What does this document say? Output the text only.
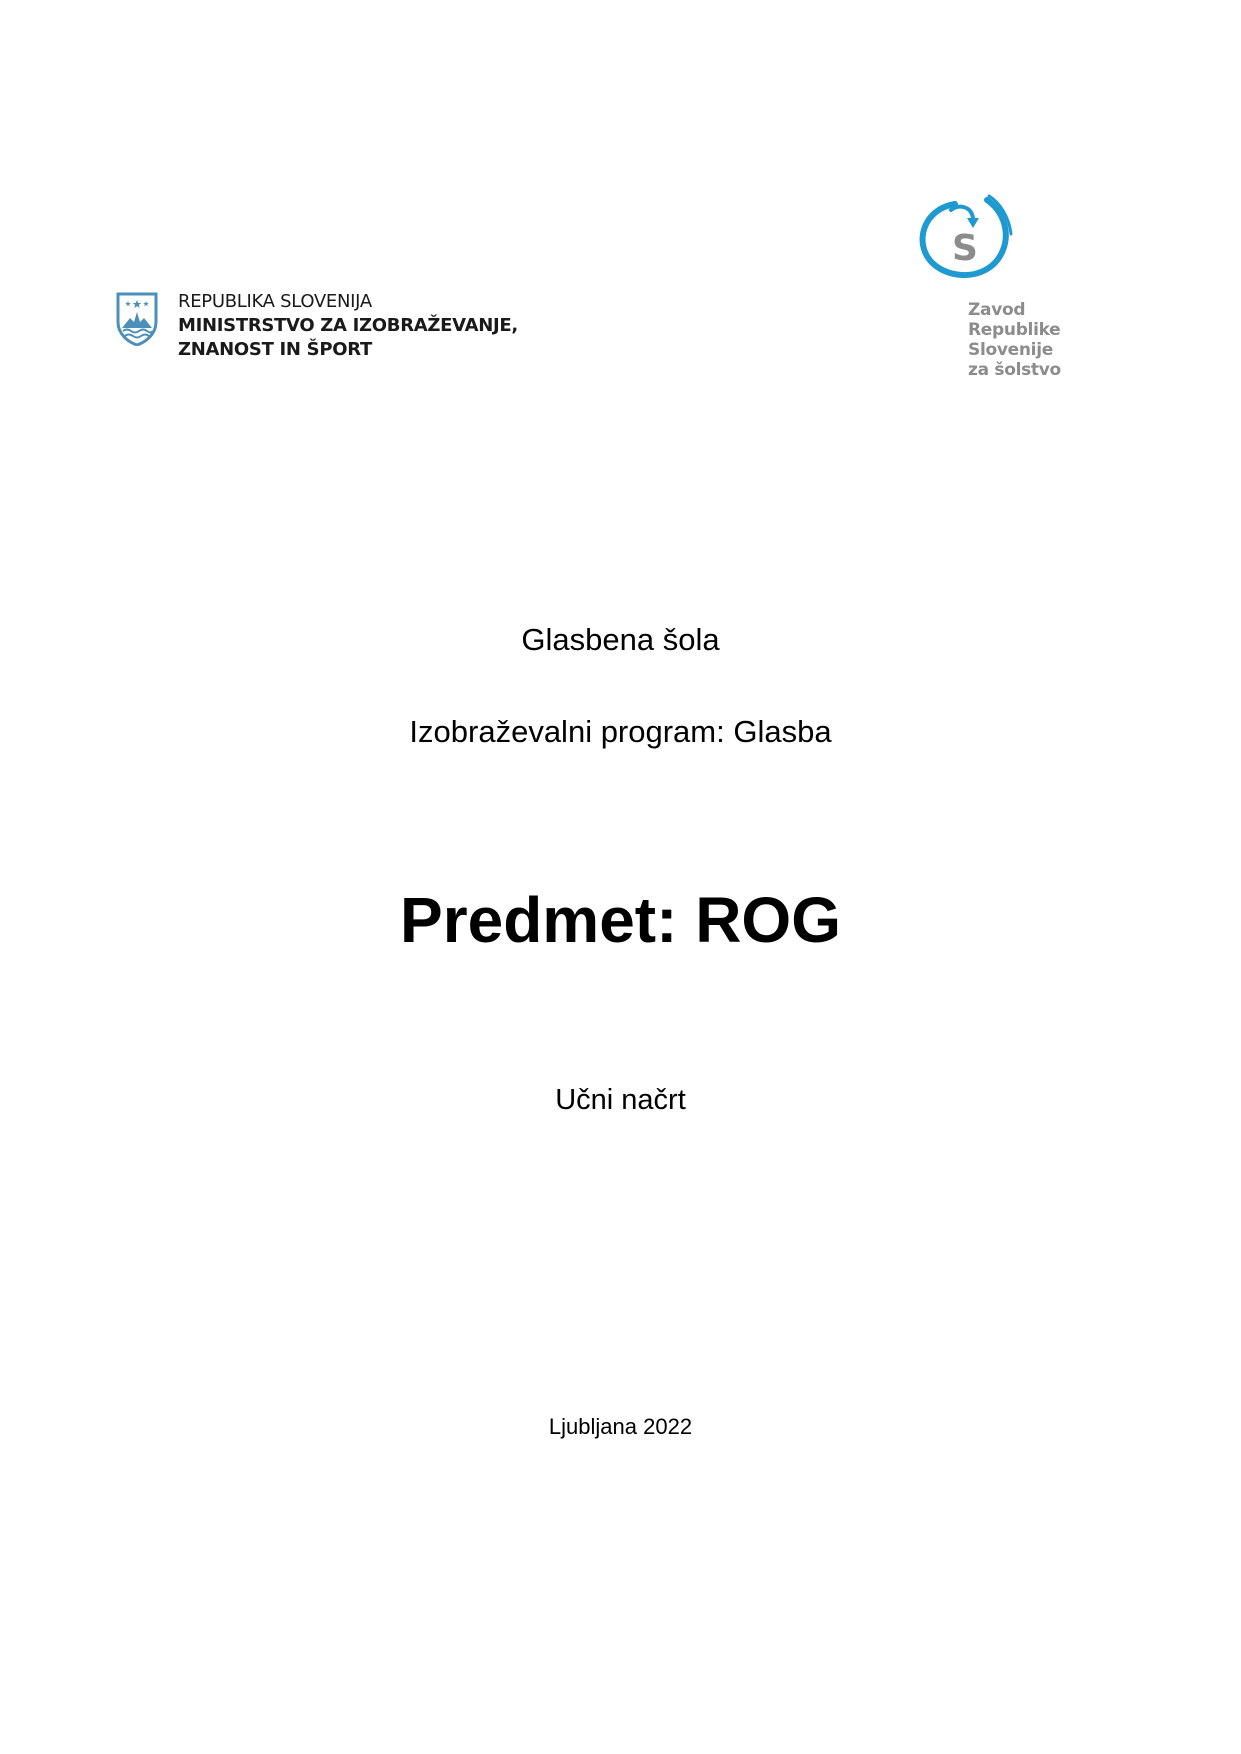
REPUBLIKA SLOVENIJA
MINISTRSTVO ZA IZOBRAŽEVANJE,
ZNANOST IN ŠPORT
S
Zavod
Republike
Slovenije
za šolstvo
Glasbena šola
Izobraževalni program: Glasba
Predmet: ROG
Učni načrt
Ljubljana 2022
